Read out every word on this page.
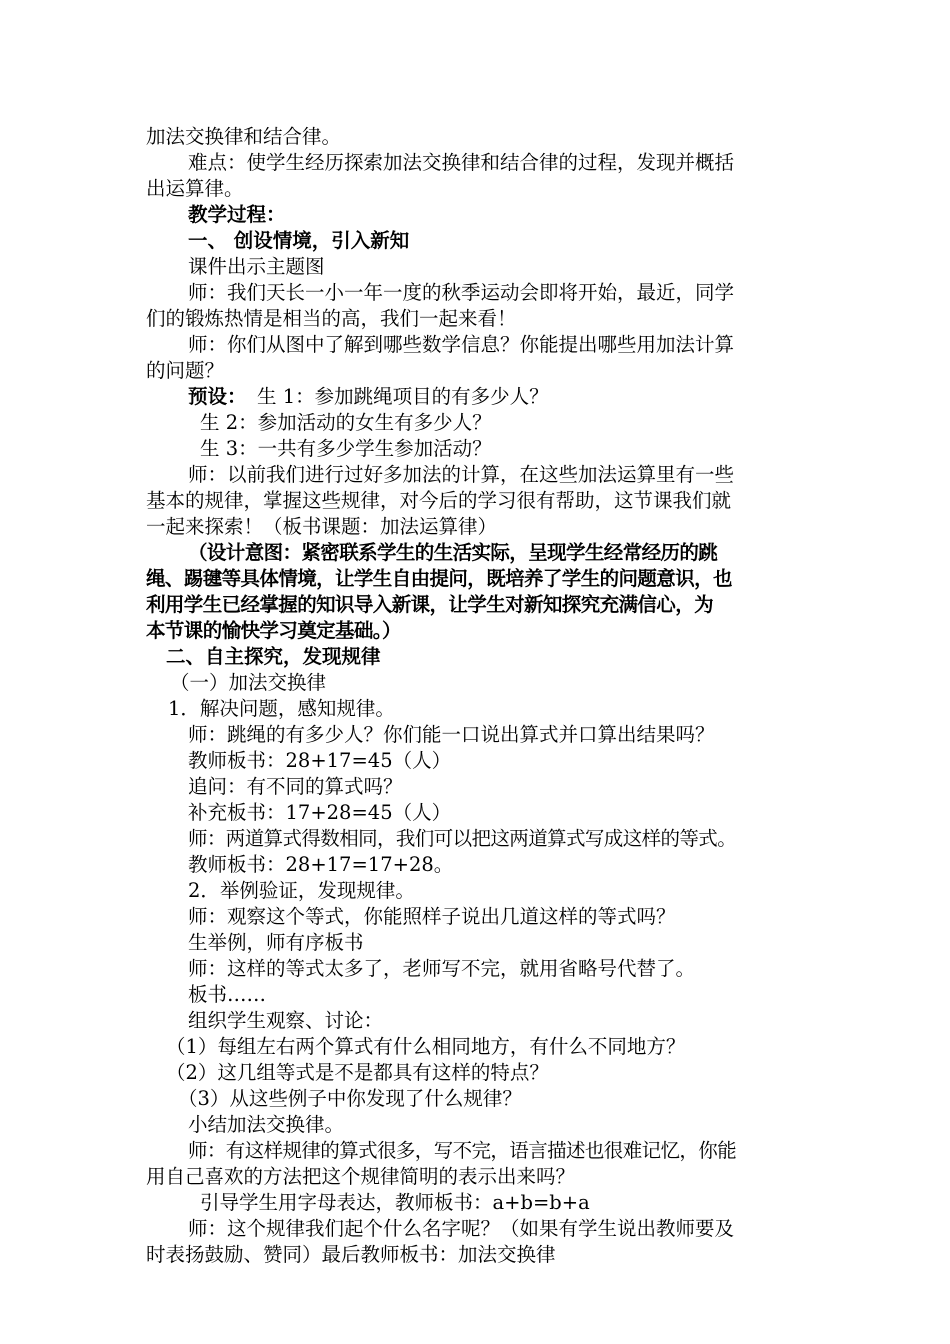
加法交换律和结合律。
难点：使学生经历探索加法交换律和结合律的过程，发现并概括
出运算律。
教学过程：
一、 创设情境，引入新知
课件出示主题图
师：我们天长一小一年一度的秋季运动会即将开始，最近，同学
们的锻炼热情是相当的高，我们一起来看！
师：你们从图中了解到哪些数学信息？你能提出哪些用加法计算
的问题？
预设： 生 1：参加跳绳项目的有多少人？
生 2：参加活动的女生有多少人？
生 3：一共有多少学生参加活动？
师：以前我们进行过好多加法的计算，在这些加法运算里有一些
基本的规律，掌握这些规律，对今后的学习很有帮助，这节课我们就
一起来探索！（板书课题：加法运算律）
（设计意图：紧密联系学生的生活实际，呈现学生经常经历的跳
绳、踢毽等具体情境，让学生自由提问，既培养了学生的问题意识，也
利用学生已经掌握的知识导入新课，让学生对新知探究充满信心，为
本节课的愉快学习奠定基础。）
二、自主探究，发现规律
（一）加法交换律
1．解决问题，感知规律。
师：跳绳的有多少人？你们能一口说出算式并口算出结果吗？
教师板书：28+17=45（人）
追问：有不同的算式吗？
补充板书：17+28=45（人）
师：两道算式得数相同，我们可以把这两道算式写成这样的等式。
教师板书：28+17=17+28。
2．举例验证，发现规律。
师：观察这个等式，你能照样子说出几道这样的等式吗？
生举例，师有序板书
师：这样的等式太多了，老师写不完，就用省略号代替了。
板书……
组织学生观察、讨论：
（1）每组左右两个算式有什么相同地方，有什么不同地方？
（2）这几组等式是不是都具有这样的特点？
（3）从这些例子中你发现了什么规律？
小结加法交换律。
师：有这样规律的算式很多，写不完，语言描述也很难记忆，你能
用自己喜欢的方法把这个规律简明的表示出来吗？
引导学生用字母表达，教师板书：a+b=b+a
师：这个规律我们起个什么名字呢？（如果有学生说出教师要及
时表扬鼓励、赞同）最后教师板书：加法交换律
